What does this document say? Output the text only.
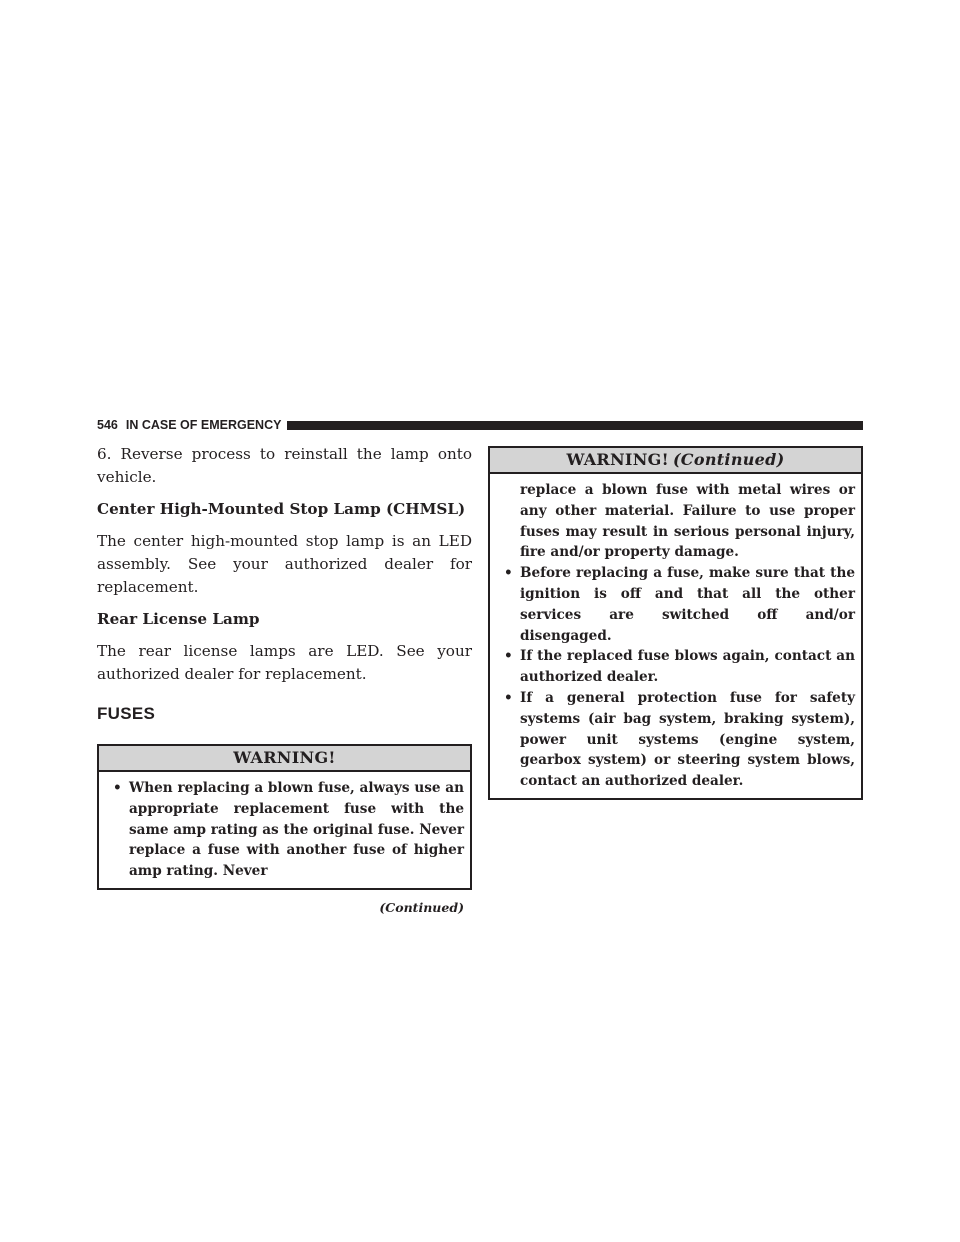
546 IN CASE OF EMERGENCY

6. Reverse process to reinstall the lamp onto vehicle.

Center High-Mounted Stop Lamp (CHMSL)

The center high-mounted stop lamp is an LED assembly. See your authorized dealer for replacement.

Rear License Lamp

The rear license lamps are LED. See your authorized dealer for replacement.

FUSES
WARNING!
• When replacing a blown fuse, always use an appropriate replacement fuse with the same amp rating as the original fuse. Never replace a fuse with another fuse of higher amp rating. Never
(Continued)
WARNING! (Continued)
replace a blown fuse with metal wires or any other material. Failure to use proper fuses may result in serious personal injury, fire and/or property damage.
• Before replacing a fuse, make sure that the ignition is off and that all the other services are switched off and/or disengaged.
• If the replaced fuse blows again, contact an authorized dealer.
• If a general protection fuse for safety systems (air bag system, braking system), power unit systems (engine system, gearbox system) or steering system blows, contact an authorized dealer.
